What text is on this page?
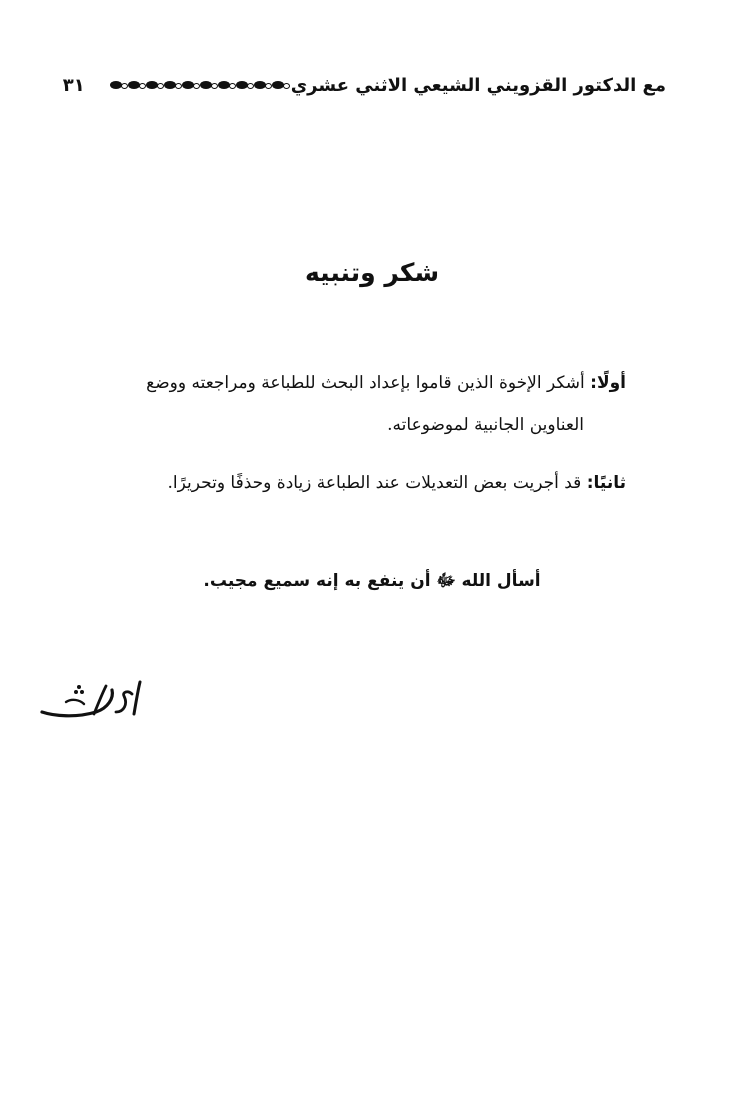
مع الدكتور القزويني الشيعي الاثني عشري
٣١
شكر وتنبيه
أولًا: أشكر الإخوة الذين قاموا بإعداد البحث للطباعة ومراجعته ووضع
العناوين الجانبية لموضوعاته.
ثانيًا: قد أجريت بعض التعديلات عند الطباعة زيادة وحذفًا وتحريرًا.
أسأل الله ﷻ أن ينفع به إنه سميع مجيب.
